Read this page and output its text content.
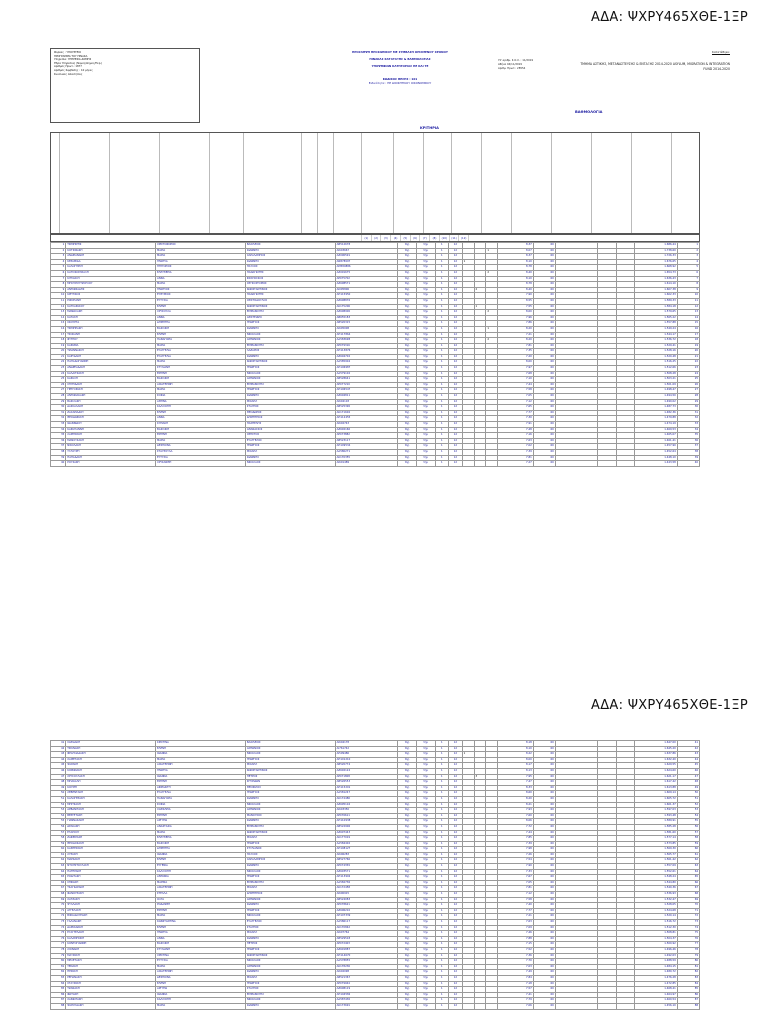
ΑΔΑ: ΨΧΡΥ465ΧΘΕ-1ΞΡ
Φορέας : ΥΠΟΥΡΓΕΙΟ
ΠΡΟΓΡΑΜΜΑ ΤΟΥ ΠΙΝΑΚΑ
Υπηρεσία: ΥΠΗΡΕΣΙΑ ΔΟΜΗΣ
Έδρα Υπηρεσίας (Νομός/Δήμος/Περ.)
Αριθμός Πρωτ.: 1877
Αριθμός Συμβάσης : 10 μήνες
Συνολικές Απαιτήσεις
ΠΡΟΣΛΗΨΗ ΠΡΟΣΩΠΙΚΟΥ ΜΕ ΣΥΜΒΑΣΗ ΟΡΙΣΜΕΝΟΥ ΧΡΟΝΟΥ
ΠΙΝΑΚΑΣ ΚΑΤΑΤΑΞΗΣ & ΒΑΘΜΟΛΟΓΙΑΣ
ΥΠΟΨΗΦΙΩΝ ΚΑΤΗΓΟΡΙΑΣ ΠΕ ΚΑΙ ΤΕ
ΚΩΔΙΚΟΣ ΘΕΣΗΣ : 101
Ειδικότητα : ΠΕ ΔΙΟΙΚΗΤΙΚΟΥ ΟΙΚΟΝΟΜΙΚΟΥ
Υπ' αριθμ. Σ.Ο.Χ. : 11/2019
Αθήνα 04/11/2019
Αριθμ. Πρωτ.: 28554
Κατατέθηκε:
ΤΜΗΜΑ ΑΣΤΙΚΗΣ, ΜΕΤΑΝΑΣΤΕΥΣΗΣ & ΕΝΤΑΞΗΣ 2014-2020 ASYLUM, MIGRATION & INTEGRATION FUND 2014-2020
ΚΡΙΤΗΡΙΑ
ΒΑΘΜΟΛΟΓΙΑ
(1)	(2)	(3)	(4)	(5)	(6)	(7)	(8)	(10)	(11)	(12)
1	ΤΣΙΜΠΙΡΗΣ	ΧΡΙΣΤΟΦΟΡΟΣ	ΒΑΣΙΛΕΙΟΣ	ΑΒ512678	Όχι	Όχι	1	12				8,37	60				1.686,44	1
2	ΚΟΤΣΙΦΑΚΗ	ΜΑΡΙΑ	ΙΩΑΝΝΗΣ	ΑΙ603667	Όχι	Όχι	1	12			1	8,07	60				1.738,60	2
3	ΑΝΔΡΙΑΝΑΚΗ	ΜΑΡΙΑ	ΧΑΡΑΛΑΜΠΟΣ	ΑΖ090591	Όχι	Όχι	1	12				8,37	60				1.726,33	3
4	ΚΕΡΑΜΙΔΑ	ΓΕΩΡΓΙΑ	ΙΩΑΝΝΗΣ	ΑΝ878997	Όχι	Όχι	1	12	1			8,10	60				1.676,65	4
5	ΚΑΛΟΓΗΡΟΥ	ΓΡΗΓΟΡΙΟΣ	ΠΑΥΛΟΣ	ΑΜ580886	Όχι	Όχι	1	12				8,78	60				1.668,92	5
6	ΚΑΤΣΙΚΟΜΙΧΑΛΗ	ΕΛΕΥΘΕΡΙΑ	ΠΑΝΑΓΙΩΤΗΣ	ΑΖ091675	Όχι	Όχι	1	12			2	8,40	60				1.654,73	6
7	ΚΥΡΙΑΚΟΥ	ΑΝΝΑ	ΦΡΑΓΚΙΣΚΟΣ	ΑΕ075702	Όχι	Όχι	1	12				8,10	60				1.636,43	7
8	ΜΠΟΥΡΟΥΤΖΟΓΛΟΥ	ΜΑΡΙΑ	ΧΡΥΣΟΣΤΟΜΟΣ	ΑΖ698571	Όχι	Όχι	1	12				8,78	60				1.614,10	8
9	ΑΝΤΩΝΙΑΔΗΣ	ΓΕΩΡΓΙΟΣ	ΚΩΝΣΤΑΝΤΙΝΟΣ	ΑΙ095806	Όχι	Όχι	1	12		2		8,40	60				1.607,38	9
10	ΚΡΗΤΙΚΟΣ	ΕΥΘΥΜΙΟΣ	ΠΑΝΑΓΙΩΤΗΣ	ΑΗ115950	Όχι	Όχι	1	12				7,90	60				1.602,33	10
11	ΡΙΖΟΠΑΝΗ	ΕΥΤΥΧΙΑ	ΧΡΙΣΤΟΔΟΥΛΟΣ	ΑΖ698876	Όχι	Όχι	1	12				8,55	60				1.589,33	11
12	ΚΑΤΣΑΡΑΚΟΥ	ΕΛΕΝΗ	ΚΩΝΣΤΑΝΤΙΝΟΣ	ΑΚ175206	Όχι	Όχι	1	12		1		7,55	60				1.584,18	12
13	ΜΑΝΩΛΑΚΗ	ΧΡΥΣΟΥΛΑ	ΕΜΜΑΝΟΥΗΛ	ΑΖ698900	Όχι	Όχι	1	12			2	8,00	60				1.579,65	13
14	ΚΑΤΑΚΗ	ΑΝΝΑ	ΑΡΙΣΤΕΙΔΗΣ	ΑΒ655183	Όχι	Όχι	1	12				7,96	60				1.565,22	14
15	ΣΚΟΥΡΤΑ	ΔΗΜΗΤΡΑ	ΓΕΩΡΓΙΟΣ	ΑΒ520315	Όχι	Όχι	1	12				7,86	60				1.557,88	15
16	ΤΣΙΜΠΡΑΚΗ	ΒΑΣΙΛΙΚΗ	ΙΩΑΝΝΗΣ	ΑΙ605008	Όχι	Όχι	1	12			1	8,20	60				1.549,24	16
17	ΤΣΟΚΑΝΗ	ΕΛΕΝΗ	ΝΙΚΟΛΑΟΣ	ΑΗ117864	Όχι	Όχι	1	12				7,21	60				1.544,17	17
18	ΦΥΤΡΟΥ	ΠΑΝΑΓΙΩΤΑ	ΑΝΤΩΝΙΟΣ	ΑΑ583698	Όχι	Όχι	1	12			2	8,20	60				1.536,72	18
19	ΚΑΡΑΒΙΑ	ΜΑΡΙΑ	ΕΜΜΑΝΟΥΗΛ	ΑΕ079316	Όχι	Όχι	1	12				7,81	60				1.529,41	19
20	ΤΖΙΑΝΝΑΚΟΥ	ΕΥΑΓΓΕΛΙΑ	ΛΑΖΑΡΟΣ	ΑΗ113876	Όχι	Όχι	1	12				7,35	60				1.528,16	20
21	ΚΑΡΥΔΑΚΗ	ΕΥΑΓΓΕΛΙΑ	ΙΩΑΝΝΗΣ	ΑΖ694702	Όχι	Όχι	1	12				7,20	60				1.520,48	21
22	ΠΑΠΑΔΟΓΙΑΝΝΗ	ΜΑΡΙΑ	ΚΩΝΣΤΑΝΤΙΝΟΣ	ΑΑ585904	Όχι	Όχι	1	12				8,00	60				1.516,25	22
23	ΑΝΔΡΕΑΔΑΚΗ	ΣΤΥΛΙΑΝΗ	ΓΕΩΡΓΙΟΣ	ΑΗ106987	Όχι	Όχι	1	12				7,97	60				1.512,66	23
24	ΚΑΛΑΙΤΖΑΚΗ	ΕΙΡΗΝΗ	ΝΙΚΟΛΑΟΣ	ΑΑ579102	Όχι	Όχι	1	12				7,68	60				1.508,28	24
25	ΚΑΡΑΛΗ	ΒΑΣΙΛΙΚΗ	ΑΝΤΩΝΙΟΣ	ΑΒ528641	Όχι	Όχι	1	12				7,10	60				1.503,21	25
26	ΣΠΥΡΙΔΑΚΗ	ΑΙΚΑΤΕΡΙΝΗ	ΕΜΜΑΝΟΥΗΛ	ΑΕ077210	Όχι	Όχι	1	12				7,44	60				1.501,09	26
27	ΓΡΗΓΟΡΑΚΗ	ΜΑΡΙΑ	ΓΕΩΡΓΙΟΣ	ΑΗ106547	Όχι	Όχι	1	12				7,58	60				1.498,47	27
28	ΑΝΤΩΝΑΚΑΚΗ	ΣΟΦΙΑ	ΙΩΑΝΝΗΣ	ΑΖ694811	Όχι	Όχι	1	12				7,05	60				1.494,50	28
29	ΒΑΣΙΛΑΚΗ	ΑΘΗΝΑ	ΜΙΧΑΗΛ	ΑΙ604118	Όχι	Όχι	1	12				7,12	60				1.490,02	29
30	ΔΑΣΚΑΛΑΚΗ	ΚΑΛΛΙΟΠΗ	ΣΤΑΥΡΟΣ	ΑΒ525390	Όχι	Όχι	1	12				7,65	60				1.487,73	30
31	ΖΑΧΑΡΙΑΔΟΥ	ΕΛΕΝΗ	ΘΕΟΔΩΡΟΣ	ΑΚ171604	Όχι	Όχι	1	12				7,77	60				1.482,36	31
32	ΘΕΟΔΩΡΑΚΗ	ΑΝΝΑ	ΔΗΜΗΤΡΙΟΣ	ΑΗ112455	Όχι	Όχι	1	12				7,30	60				1.479,88	32
33	ΙΩΑΝΝΙΔΟΥ	ΚΥΡΙΑΚΗ	ΠΑΝΤΕΛΗΣ	ΑΙ602743	Όχι	Όχι	1	12				7,91	60				1.474,19	33
34	ΚΑΡΑΓΙΑΝΝΗ	ΒΑΣΙΛΙΚΗ	ΑΘΑΝΑΣΙΟΣ	ΑΖ692160	Όχι	Όχι	1	12				7,48	60				1.469,53	34
35	ΛΑΜΠΡΑΚΗ	ΕΙΡΗΝΗ	ΧΡΗΣΤΟΣ	ΑΕ073882	Όχι	Όχι	1	12				7,16	60				1.465,07	35
36	ΜΑΝΟΥΣΑΚΗ	ΜΑΡΙΑ	ΕΥΑΓΓΕΛΟΣ	ΑΒ523117	Όχι	Όχι	1	12				7,63	60				1.461,41	36
37	ΝΙΚΟΛΑΚΗ	ΔΕΣΠΟΙΝΑ	ΓΕΩΡΓΙΟΣ	ΑΗ109534	Όχι	Όχι	1	12				7,02	60				1.457,90	37
38	ΞΥΛΟΥΡΗ	ΣΤΑΥΡΟΥΛΑ	ΜΙΧΑΗΛ	ΑΑ580271	Όχι	Όχι	1	12				7,39	60				1.452,64	38
39	ΠΑΠΑΔΑΚΗ	ΕΥΤΥΧΙΑ	ΙΩΑΝΝΗΣ	ΑΚ176355	Όχι	Όχι	1	12				7,81	60				1.448,10	39
40	ΡΟΥΣΑΚΗ	ΧΡΥΣΑΝΘΗ	ΝΙΚΟΛΑΟΣ	ΑΙ601489	Όχι	Όχι	1	12				7,27	60				1.443,58	40
ΑΔΑ: ΨΧΡΥ465ΧΘΕ-1ΞΡ
41	ΣΑΡΙΔΑΚΗ	ΚΡΙΣΤΙΝΑ	ΒΑΣΙΛΕΙΟΣ	ΑΙ604178	Όχι	Όχι	1	12				8,18	60				1.647,00	41
42	ΤΣΙΚΝΑΚΗ	ΕΛΕΝΗ	ΑΝΤΩΝΙΟΣ	ΑΙ761742	Όχι	Όχι	1	12				8,10	60				1.645,20	42
43	ΦΡΑΓΚΙΑΔΑΚΗ	ΙΩΑΝΝΑ	ΝΙΚΟΛΑΟΣ	ΑΙ599486	Όχι	Όχι	1	12	1			8,22	60				1.637,86	43
44	ΧΑΙΡΕΤΑΚΗ	ΜΑΡΙΑ	ΓΕΩΡΓΙΟΣ	ΑΗ101210	Όχι	Όχι	1	12				8,00	60				1.632,40	44
45	ΨΑΡΑΚΗ	ΑΙΚΑΤΕΡΙΝΗ	ΜΙΧΑΗΛ	ΑΒ520774	Όχι	Όχι	1	12				8,17	60				1.629,55	45
46	ΚΟΡΩΝΑΚΗ	ΓΕΩΡΓΙΑ	ΚΩΝΣΤΑΝΤΙΝΟΣ	ΑΖ692124	Όχι	Όχι	1	12				8,13	60				1.624,60	46
47	ΧΡΥΣΟΥΛΑΚΗ	ΙΩΑΝΝΑ	ΠΕΤΡΟΣ	ΑΕ071808	Όχι	Όχι	1	12		3		7,95	60				1.621,17	47
48	ΜΠΑΚΑΛΗ	ΕΙΡΗΝΗ	ΣΠΥΡΙΔΩΝ	ΑΒ526553	Όχι	Όχι	1	12				7,47	60				1.617,42	48
49	ΚΟΥΜΗ	ΑΦΡΟΔΙΤΗ	ΘΕΟΦΙΛΟΣ	ΑΗ115201	Όχι	Όχι	1	12				8,33	60				1.613,88	49
50	ΛΕΒΕΝΤΑΚΗ	ΕΥΑΓΓΕΛΙΑ	ΓΕΩΡΓΙΟΣ	ΑΑ581247	Όχι	Όχι	1	12				8,60	60				1.609,14	50
51	ΚΑΛΟΓΕΡΑΚΗ	ΠΑΝΑΓΙΩΤΑ	ΙΩΑΝΝΗΣ	ΑΚ174480	Όχι	Όχι	1	12				8,20	60				1.605,72	51
52	ΜΠΙΤΣΑΚΗ	ΣΟΦΙΑ	ΝΙΚΟΛΑΟΣ	ΑΖ695116	Όχι	Όχι	1	12				8,21	60				1.601,37	52
53	ΑΡΒΑΝΙΤΑΚΗ	ΧΑΡΙΚΛΕΙΑ	ΑΝΤΩΝΙΟΣ	ΑΙ603350	Όχι	Όχι	1	12				7,93	60				1.597,03	53
54	ΒΕΡΓΕΤΑΚΗ	ΕΙΡΗΝΗ	ΜΑΝΟΥΣΟΣ	ΑΕ076611	Όχι	Όχι	1	12				7,60	60				1.593,48	54
55	ΓΙΑΝΝΑΚΑΚΗ	ΑΡΓΥΡΩ	ΙΩΑΝΝΗΣ	ΑΗ110938	Όχι	Όχι	1	12				8,06	60				1.589,91	55
56	ΔΡΑΚΑΚΗ	ΑΝΑΣΤΑΣΙΑ	ΕΜΜΑΝΟΥΗΛ	ΑΒ522906	Όχι	Όχι	1	12				7,72	60				1.585,28	56
57	ΕΞΑΡΧΟΥ	ΜΑΡΙΑ	ΚΩΝΣΤΑΝΤΙΝΟΣ	ΑΖ697443	Όχι	Όχι	1	12				7,44	60				1.581,60	57
58	ΖΑΦΕΙΡΑΚΗ	ΕΛΕΥΘΕΡΙΑ	ΜΙΧΑΗΛ	ΑΚ177019	Όχι	Όχι	1	12				7,85	60				1.577,14	58
59	ΘΕΟΔΟΣΑΚΗ	ΒΑΣΙΛΙΚΗ	ΓΕΩΡΓΙΟΣ	ΑΑ584402	Όχι	Όχι	1	12				7,39	60				1.573,85	59
60	ΚΑΝΤΕΡΑΚΗ	ΔΗΜΗΤΡΑ	ΣΤΥΛΙΑΝΟΣ	ΑΗ108127	Όχι	Όχι	1	12				7,98	60				1.569,30	60
61	ΛΥΡΑΚΗ	ΙΩΑΝΝΑ	ΠΑΥΛΟΣ	ΑΙ606283	Όχι	Όχι	1	12				7,26	60				1.565,77	61
62	ΜΑΡΚΑΚΗ	ΕΛΕΝΗ	ΧΑΡΑΛΑΜΠΟΣ	ΑΒ527760	Όχι	Όχι	1	12				7,54	60				1.561,42	62
63	ΝΤΟΥΝΤΟΥΛΑΚΗ	ΕΥΓΕΝΙΑ	ΙΩΑΝΝΗΣ	ΑΕ074359	Όχι	Όχι	1	12				7,90	60				1.557,09	63
64	ΠΑΤΕΡΑΚΗ	ΚΑΛΛΙΟΠΗ	ΝΙΚΟΛΑΟΣ	ΑΖ693571	Όχι	Όχι	1	12				7,33	60				1.552,61	64
65	ΡΟΔΙΤΑΚΗ	ΑΝΤΩΝΙΑ	ΓΕΩΡΓΙΟΣ	ΑΗ113902	Όχι	Όχι	1	12				7,67	60				1.548,24	65
66	ΣΗΦΑΚΗ	ΜΑΡΙΝΑ	ΕΜΜΑΝΟΥΗΛ	ΑΑ582736	Όχι	Όχι	1	12				7,05	60				1.544,80	66
67	ΤΣΑΓΚΑΡΑΚΗ	ΑΙΚΑΤΕΡΙΝΗ	ΜΙΧΑΗΛ	ΑΚ172458	Όχι	Όχι	1	12				7,81	60				1.540,36	67
68	ΦΑΝΟΥΡΑΚΗ	ΣΤΕΛΛΑ	ΔΗΜΗΤΡΙΟΣ	ΑΙ600915	Όχι	Όχι	1	12				7,12	60				1.536,93	68
69	ΧΑΤΖΑΚΗ	ΟΛΓΑ	ΑΝΤΩΝΙΟΣ	ΑΒ524083	Όχι	Όχι	1	12				7,58	60				1.532,47	69
70	ΨΥΛΛΑΚΗ	ΡΟΔΑΝΘΗ	ΙΩΑΝΝΗΣ	ΑΕ078621	Όχι	Όχι	1	12				7,40	60				1.528,05	70
71	ΑΓΓΕΛΑΚΗ	ΕΙΡΗΝΗ	ΓΕΩΡΓΙΟΣ	ΑΖ696210	Όχι	Όχι	1	12				7,77	60				1.524,68	71
72	ΒΙΣΚΑΔΟΥΡΑΚΗ	ΜΑΡΙΑ	ΝΙΚΟΛΑΟΣ	ΑΗ107339	Όχι	Όχι	1	12				7,21	60				1.520,14	72
73	ΓΑΛΑΝΑΚΗ	ΚΩΝΣΤΑΝΤΙΝΑ	ΕΥΑΓΓΕΛΟΣ	ΑΑ586117	Όχι	Όχι	1	12				7,63	60				1.516,72	73
74	ΔΑΜΙΑΝΑΚΗ	ΕΛΕΝΗ	ΣΤΑΥΡΟΣ	ΑΚ170842	Όχι	Όχι	1	12				7,09	60				1.512,30	74
75	ΕΥΑΓΓΕΛΑΚΗ	ΓΕΩΡΓΙΑ	ΜΙΧΑΗΛ	ΑΙ607764	Όχι	Όχι	1	12				7,46	60				1.508,81	75
76	ΚΑΛΑΜΠΟΚΗ	ΑΝΝΑ	ΙΩΑΝΝΗΣ	ΑΒ529518	Όχι	Όχι	1	12				7,88	60				1.504,37	76
77	ΚΟΝΤΟΓΙΑΝΝΗ	ΒΑΣΙΛΙΚΗ	ΠΕΤΡΟΣ	ΑΕ072403	Όχι	Όχι	1	12				7,15	60				1.500,92	77
78	ΛΙΟΝΑΚΗ	ΣΤΥΛΙΑΝΗ	ΓΕΩΡΓΙΟΣ	ΑΖ691887	Όχι	Όχι	1	12				7,52	60				1.496,46	78
79	ΜΑΥΡΑΚΗ	ΧΡΙΣΤΙΝΑ	ΚΩΝΣΤΑΝΤΙΝΟΣ	ΑΗ114670	Όχι	Όχι	1	12				7,36	60				1.492,03	79
80	ΜΕΛΕΤΑΚΗ	ΕΥΤΥΧΙΑ	ΝΙΚΟΛΑΟΣ	ΑΑ578855	Όχι	Όχι	1	12				7,70	60				1.488,59	80
81	ΞΕΝΑΚΗ	ΜΑΡΙΑ	ΑΝΤΩΝΙΟΣ	ΑΚ178236	Όχι	Όχι	1	12				7,03	60				1.484,15	81
82	ΠΕΡΑΚΗ	ΑΙΚΑΤΕΡΙΝΗ	ΙΩΑΝΝΗΣ	ΑΙ602098	Όχι	Όχι	1	12				7,49	60				1.480,72	82
83	ΡΕΠΑΝΑΚΗ	ΔΕΣΠΟΙΝΑ	ΜΙΧΑΗΛ	ΑΒ521367	Όχι	Όχι	1	12				7,84	60				1.476,28	83
84	ΣΤΑΥΡΑΚΗ	ΕΛΕΝΗ	ΓΕΩΡΓΙΟΣ	ΑΕ079944	Όχι	Όχι	1	12				7,18	60				1.472,85	84
85	ΤΖΑΝΑΚΗ	ΑΡΓΥΡΩ	ΣΤΑΥΡΟΣ	ΑΖ698119	Όχι	Όχι	1	12				7,57	60				1.468,41	85
86	ΦΩΤΑΚΗ	ΙΩΑΝΝΑ	ΕΜΜΑΝΟΥΗΛ	ΑΗ104582	Όχι	Όχι	1	12				7,41	60				1.464,97	86
87	ΧΑΝΙΩΤΑΚΗ	ΚΑΛΛΙΟΠΗ	ΝΙΚΟΛΑΟΣ	ΑΑ587430	Όχι	Όχι	1	12				7,79	60				1.460,54	87
88	ΨΑΡΟΥΔΑΚΗ	ΜΑΡΙΑ	ΙΩΑΝΝΗΣ	ΑΚ173691	Όχι	Όχι	1	12				7,06	60				1.456,10	88
